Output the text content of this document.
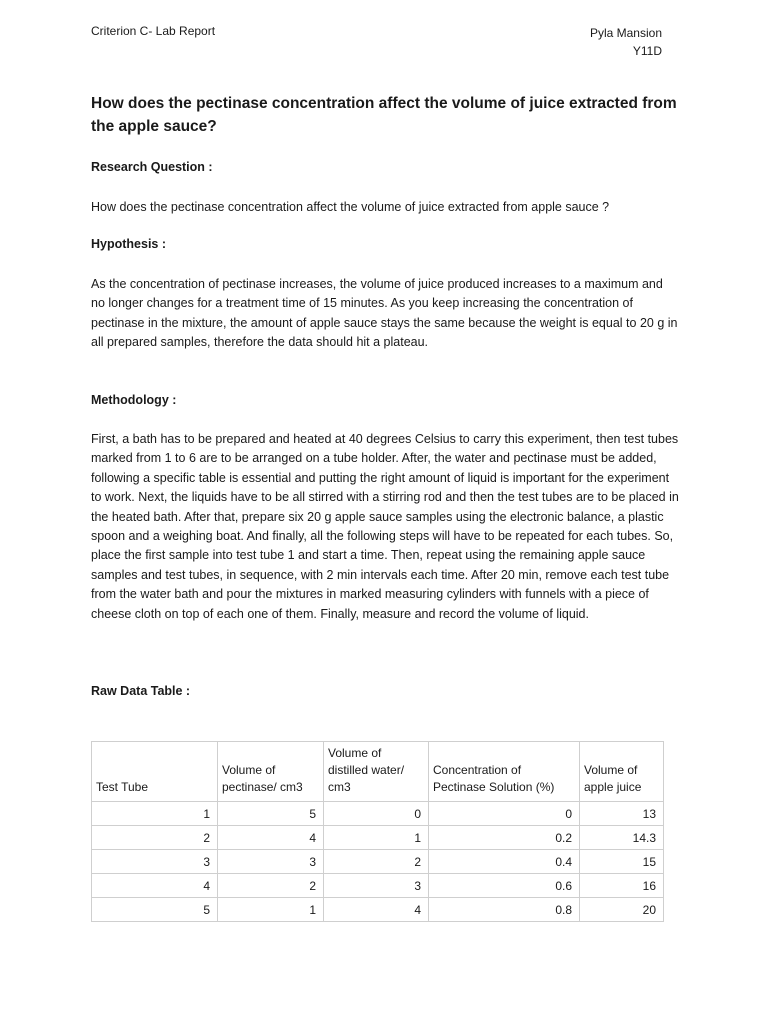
Criterion C- Lab Report	Pyla Mansion
Y11D
How does the pectinase concentration affect the volume of juice extracted from the apple sauce?
Research Question :
How does the pectinase concentration affect the volume of juice extracted from apple sauce ?
Hypothesis :
As the concentration of pectinase increases, the volume of juice produced increases to a maximum and no longer changes for a treatment time of 15 minutes. As you keep increasing the concentration of pectinase in the mixture, the amount of apple sauce stays the same because the weight is equal to 20 g in all prepared samples, therefore the data should hit a plateau.
Methodology :
First, a bath has to be prepared and heated at 40 degrees Celsius to carry this experiment, then test tubes marked from 1 to 6 are to be arranged on a tube holder. After, the water and pectinase must be added, following a specific table is essential and putting the right amount of liquid is important for the experiment to work. Next, the liquids have to be all stirred with a stirring rod and then the test tubes are to be placed in the heated bath. After that, prepare six 20 g apple sauce samples using the electronic balance, a plastic spoon and a weighing boat. And finally, all the following steps will have to be repeated for each tubes. So, place the first sample into test tube 1 and start a time. Then, repeat using the remaining apple sauce samples and test tubes, in sequence, with 2 min intervals each time. After 20 min, remove each test tube from the water bath and pour the mixtures in marked measuring cylinders with funnels with a piece of cheese cloth on top of each one of them. Finally, measure and record the volume of liquid.
Raw Data Table :
Test Tube	Volume of pectinase/ cm3	Volume of distilled water/ cm3	Concentration of Pectinase Solution (%)	Volume of apple juice
1	5	0	0	13
2	4	1	0.2	14.3
3	3	2	0.4	15
4	2	3	0.6	16
5	1	4	0.8	20
